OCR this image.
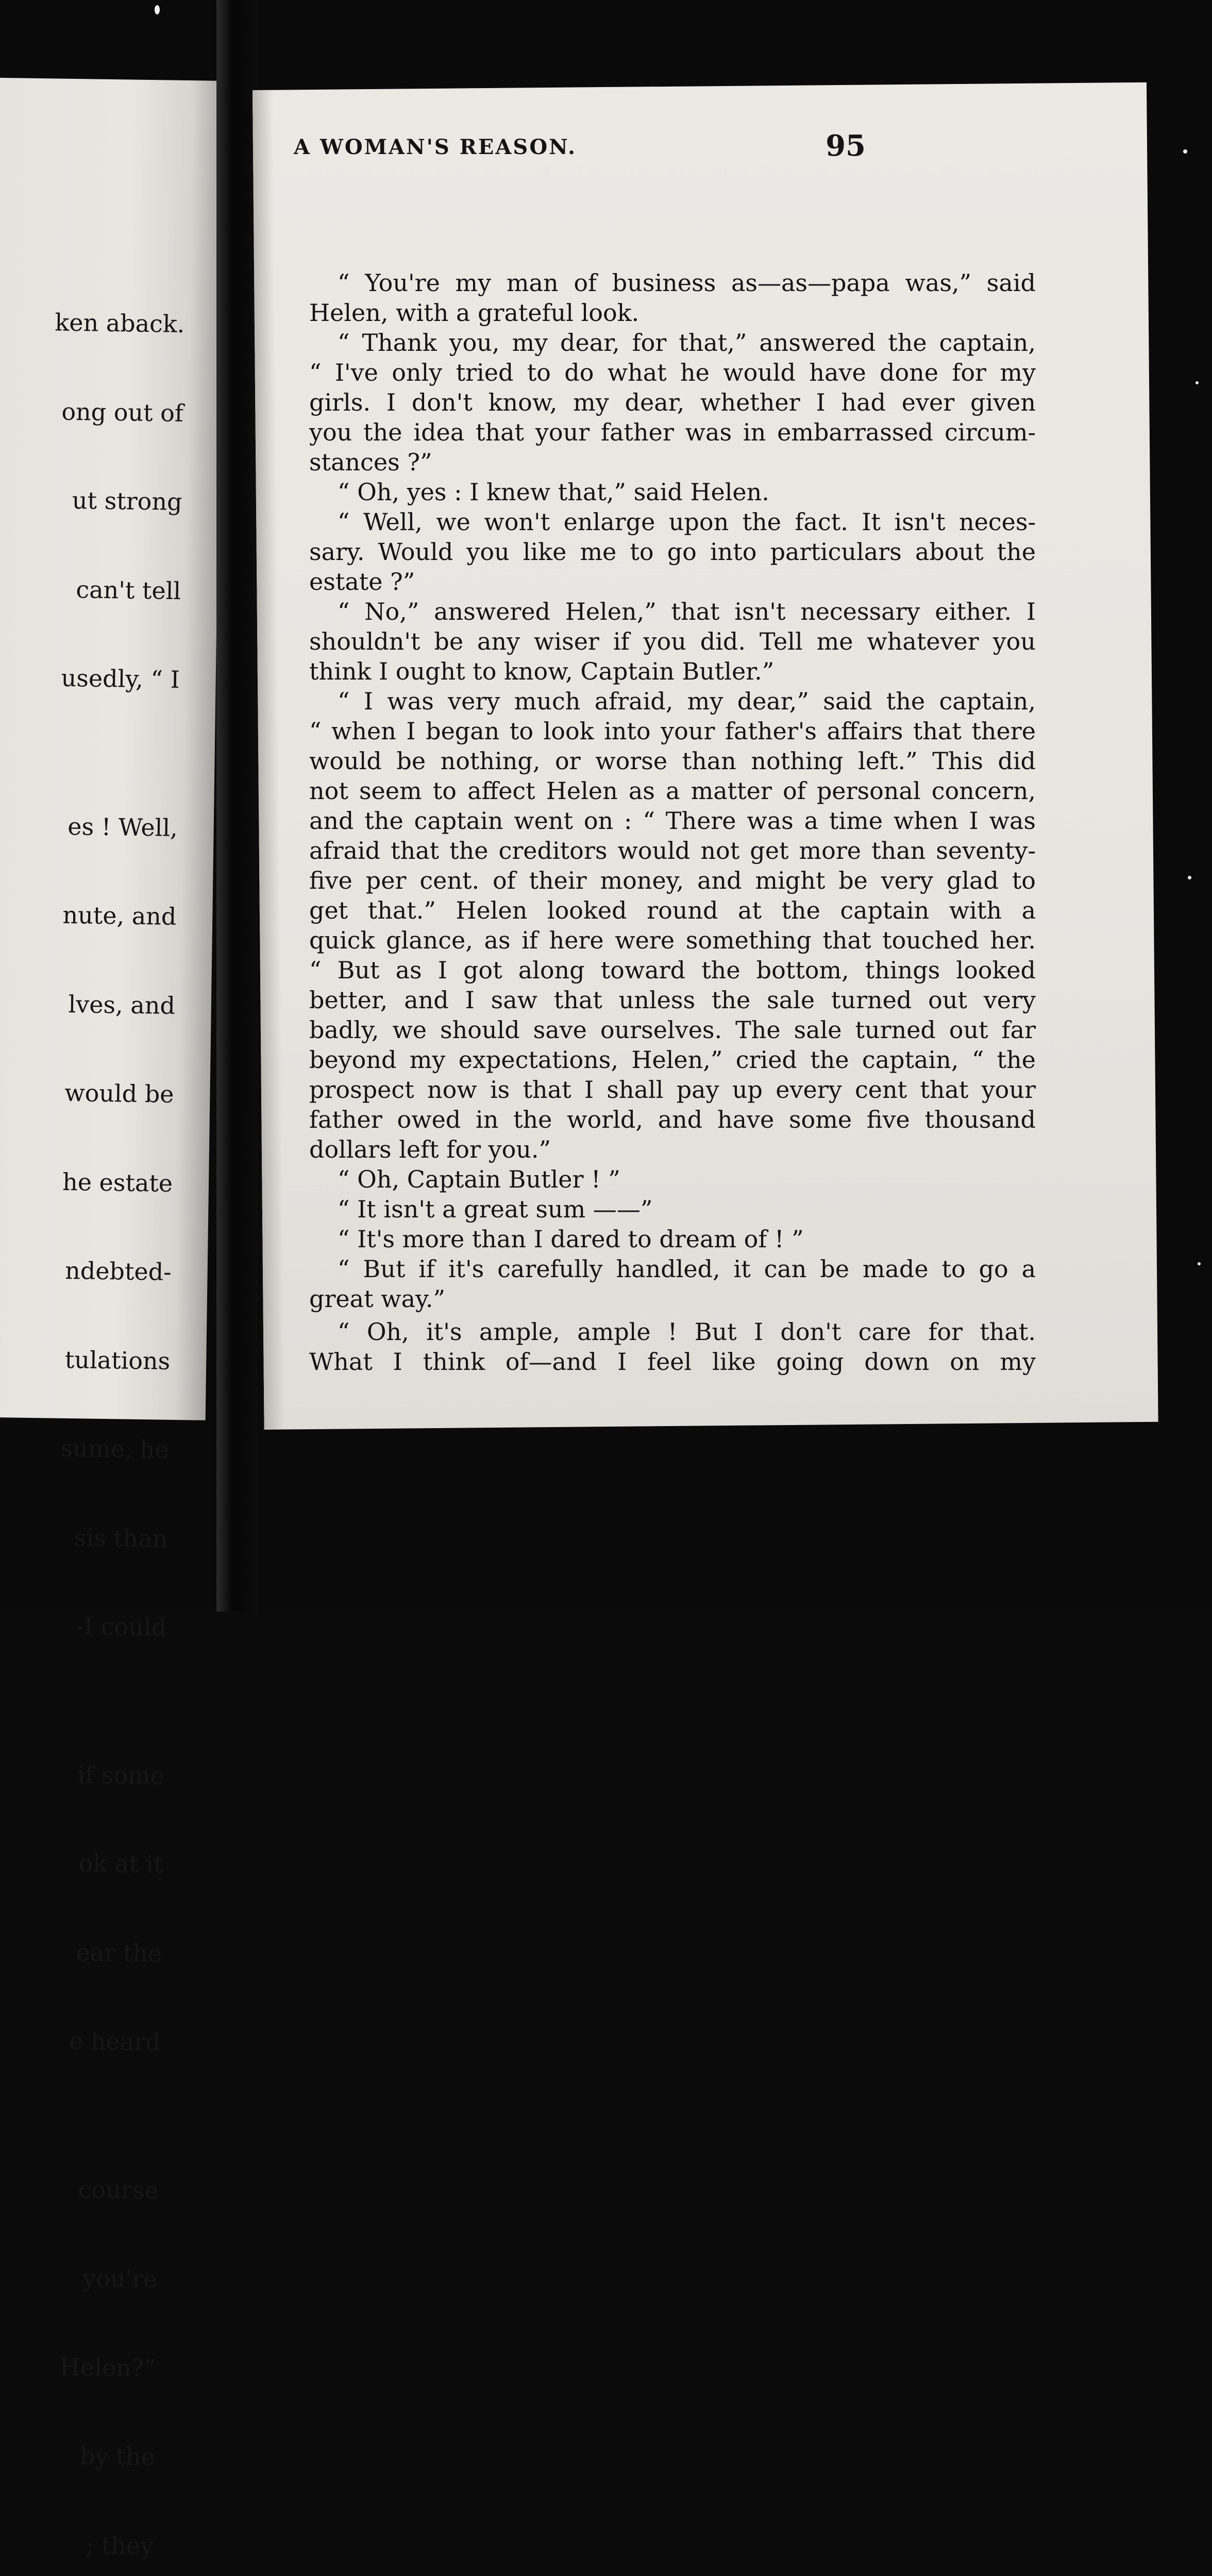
ken aback.

ong out of

ut strong

can't tell

usedly, “ I

es ! Well,

nute, and

lves, and

would be

he estate

ndebted-

tulations

sume, he

sis than

-I could

if some

ok at it

ear the

e heard

course

you're

Helen?”

by the

; they

A WOMAN'S REASON.	95
“ You're my man of business as—as—papa was,” said
Helen, with a grateful look.
“ Thank you, my dear, for that,” answered the captain,
“ I've only tried to do what he would have done for my
girls. I don't know, my dear, whether I had ever given
you the idea that your father was in embarrassed circum-
stances ?”
“ Oh, yes : I knew that,” said Helen.
“ Well, we won't enlarge upon the fact. It isn't neces-
sary. Would you like me to go into particulars about the
estate ?”
“ No,” answered Helen,” that isn't necessary either. I
shouldn't be any wiser if you did. Tell me whatever you
think I ought to know, Captain Butler.”
“ I was very much afraid, my dear,” said the captain,
“ when I began to look into your father's affairs that there
would be nothing, or worse than nothing left.” This did
not seem to affect Helen as a matter of personal concern,
and the captain went on : “ There was a time when I was
afraid that the creditors would not get more than seventy-
five per cent. of their money, and might be very glad to
get that.” Helen looked round at the captain with a
quick glance, as if here were something that touched her.
“ But as I got along toward the bottom, things looked
better, and I saw that unless the sale turned out very
badly, we should save ourselves. The sale turned out far
beyond my expectations, Helen,” cried the captain, “ the
prospect now is that I shall pay up every cent that your
father owed in the world, and have some five thousand
dollars left for you.”
“ Oh, Captain Butler ! ”
“ It isn't a great sum ——”
“ It's more than I dared to dream of ! ”
“ But if it's carefully handled, it can be made to go a
great way.”
“ Oh, it's ample, ample ! But I don't care for that.
What I think of—and I feel like going down on my
